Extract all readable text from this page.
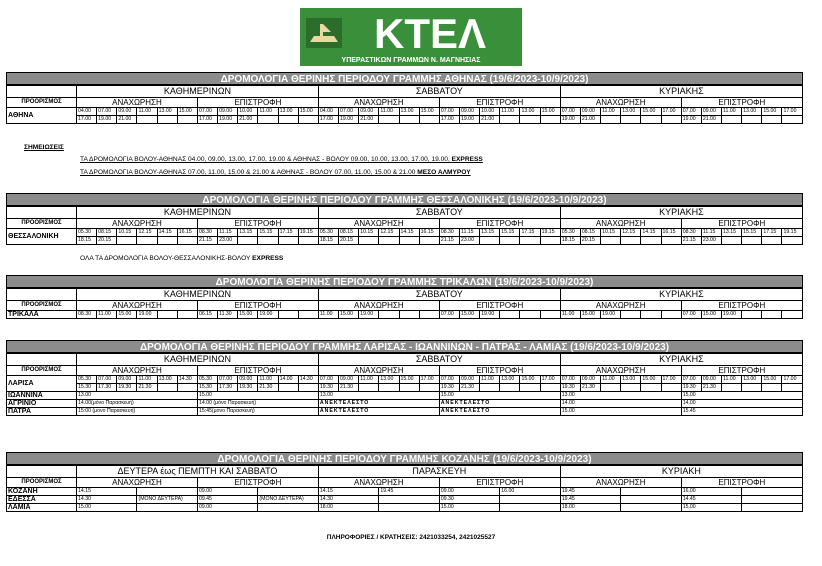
ΚΤΕΛ
ΥΠΕΡΑΣΤΙΚΩΝ ΓΡΑΜΜΩΝ Ν. ΜΑΓΝΗΣΙΑΣ
ΔΡΟΜΟΛΟΓΙΑ ΘΕΡΙΝΗΣ ΠΕΡΙΟΔΟΥ ΓΡΑΜΜΗΣ ΑΘΗΝΑΣ (19/6/2023-10/9/2023)
	ΚΑΘΗΜΕΡΙΝΩΝ												ΣΑΒΒΑΤΟΥ												ΚΥΡΙΑΚΗΣ											
ΠΡΟΟΡΙΣΜΟΣ	ΑΝΑΧΩΡΗΣΗ						ΕΠΙΣΤΡΟΦΗ						ΑΝΑΧΩΡΗΣΗ						ΕΠΙΣΤΡΟΦΗ						ΑΝΑΧΩΡΗΣΗ						ΕΠΙΣΤΡΟΦΗ					
ΑΘΗΝΑ	04.00	07.00	09.00	11.00	13.00	15.00	07.00	09.00	10.00	11.00	13.00	15.00	04.00	07.00	09.00	11.00	13.00	15.00	07.00	09.00	10.00	11.00	13.00	15.00	07.00	09.00	11.00	13.00	15.00	17.00	07.00	09.00	11.00	13.00	15.00	17.00
	17.00	19.00	21.00				17.00	19.00	21.00				17.00	19.00	21.00				17.00	19.00	21.00				19.00	21.00					19.00	21.00				
ΣΗΜΕΙΩΣΕΙΣ
ΤΑ ΔΡΟΜΟΛΟΓΙΑ ΒΟΛΟΥ-ΑΘΗΝΑΣ 04.00, 09.00, 13.00, 17.00, 19.00 & ΑΘΗΝΑΣ - ΒΟΛΟΥ 09.00, 10.00, 13.00, 17.00, 19.00, EXPRESS
ΤΑ ΔΡΟΜΟΛΟΓΙΑ ΒΟΛΟΥ-ΑΘΗΝΑΣ 07.00, 11.00, 15.00 & 21.00 & ΑΘΗΝΑΣ - ΒΟΛΟΥ 07.00, 11.00, 15.00 & 21.00 ΜΕΣΟ ΑΛΜΥΡΟΥ
ΔΡΟΜΟΛΟΓΙΑ ΘΕΡΙΝΗΣ ΠΕΡΙΟΔΟΥ ΓΡΑΜΜΗΣ ΘΕΣΣΑΛΟΝΙΚΗΣ (19/6/2023-10/9/2023)
	ΚΑΘΗΜΕΡΙΝΩΝ												ΣΑΒΒΑΤΟΥ												ΚΥΡΙΑΚΗΣ											
ΠΡΟΟΡΙΣΜΟΣ	ΑΝΑΧΩΡΗΣΗ						ΕΠΙΣΤΡΟΦΗ						ΑΝΑΧΩΡΗΣΗ						ΕΠΙΣΤΡΟΦΗ						ΑΝΑΧΩΡΗΣΗ						ΕΠΙΣΤΡΟΦΗ					
ΘΕΣΣΑΛΟΝΙΚΗ	05.30	08.15	10.15	12.15	14.15	16.15	08.30	11.15	13.15	15.15	17.15	19.15	05.30	08.15	10.15	12.15	14.15	16.15	08.30	11.15	13.15	15.15	17.15	19.15	05.30	08.15	10.15	12.15	14.15	16.15	08.30	11.15	13.15	15.15	17.15	19.15
	18.15	20.15					21.15	23.00					18.15	20.15					21.15	23.00					18.15	20.15					21.15	23.00				
ΟΛΑ ΤΑ ΔΡΟΜΟΛΟΓΙΑ ΒΟΛΟΥ-ΘΕΣΣΑΛΟΝΙΚΗΣ-ΒΟΛΟΥ EXPRESS
ΔΡΟΜΟΛΟΓΙΑ ΘΕΡΙΝΗΣ ΠΕΡΙΟΔΟΥ ΓΡΑΜΜΗΣ ΤΡΙΚΑΛΩΝ (19/6/2023-10/9/2023)
	ΚΑΘΗΜΕΡΙΝΩΝ												ΣΑΒΒΑΤΟΥ												ΚΥΡΙΑΚΗΣ											
ΠΡΟΟΡΙΣΜΟΣ	ΑΝΑΧΩΡΗΣΗ						ΕΠΙΣΤΡΟΦΗ						ΑΝΑΧΩΡΗΣΗ						ΕΠΙΣΤΡΟΦΗ						ΑΝΑΧΩΡΗΣΗ						ΕΠΙΣΤΡΟΦΗ					
ΤΡΙΚΑΛΑ	08.30	11.00	15.00	19.00			06.15	11.30	15.00	19.00			11.00	15.00	19.00				07.00	15.00	19.00				11.00	15.00	19.00				07.00	15.00	19.00			
ΔΡΟΜΟΛΟΓΙΑ ΘΕΡΙΝΗΣ ΠΕΡΙΟΔΟΥ ΓΡΑΜΜΗΣ ΛΑΡΙΣΑΣ - ΙΩΑΝΝΙΝΩΝ - ΠΑΤΡΑΣ - ΛΑΜΙΑΣ (19/6/2023-10/9/2023)
	ΚΑΘΗΜΕΡΙΝΩΝ												ΣΑΒΒΑΤΟΥ												ΚΥΡΙΑΚΗΣ											
ΠΡΟΟΡΙΣΜΟΣ	ΑΝΑΧΩΡΗΣΗ						ΕΠΙΣΤΡΟΦΗ						ΑΝΑΧΩΡΗΣΗ						ΕΠΙΣΤΡΟΦΗ						ΑΝΑΧΩΡΗΣΗ						ΕΠΙΣΤΡΟΦΗ					
ΛΑΡΙΣΑ	05.30	07.00	09.00	11.00	13.00	14.30	05.30	07.00	09.00	11.00	14.00	14.30	07.00	09.00	11.00	13.00	15.00	17.00	07.00	09.00	11.00	13.00	15.00	17.00	07.00	09.00	11.00	13.00	15.00	17.00	07.00	09.00	11.00	13.00	15.00	17.00
	15.30	17.30	19.30	21.30			15.30	17.30	19.30	21.30			19.30	21.30					19.30	21.30					19.30	21.30					19.30	21.30				
ΙΩΑΝΝΙΝΑ	13.00						15.00						13.00						15.00						13.00						15.00					
ΑΓΡΙΝΙΟ	14.00(μόνο Παρασκευή)						14.00 (μόνο Παρασκευή)						ΑΝΕΚΤΕΛΕΣΤΟ						ΑΝΕΚΤΕΛΕΣΤΟ						14.00						14.00					
ΠΑΤΡΑ	15:00 (μονο Παρασκευή)						15:45(μονο Παρασκευή)						ΑΝΕΚΤΕΛΕΣΤΟ						ΑΝΕΚΤΕΛΕΣΤΟ						15.00						15.45					
ΔΡΟΜΟΛΟΓΙΑ ΘΕΡΙΝΗΣ ΠΕΡΙΟΔΟΥ ΓΡΑΜΜΗΣ ΚΟΖΑΝΗΣ (19/6/2023-10/9/2023)
	ΔΕΥΤΕΡΑ έως ΠΕΜΠΤΗ ΚΑΙ ΣΑΒΒΑΤΟ				ΠΑΡΑΣΚΕΥΗ				ΚΥΡΙΑΚΗ			
ΠΡΟΟΡΙΣΜΟΣ	ΑΝΑΧΩΡΗΣΗ		ΕΠΙΣΤΡΟΦΗ		ΑΝΑΧΩΡΗΣΗ		ΕΠΙΣΤΡΟΦΗ		ΑΝΑΧΩΡΗΣΗ		ΕΠΙΣΤΡΟΦΗ	
ΚΟΖΑΝΗ	14.15		09.00		14.15	19.45	09.00	16.00	19.45		16.00	
ΕΔΕΣΣΑ	14.30	(ΜΟΝΟ ΔΕΥΤΕΡΑ)	09.45	(ΜΟΝΟ ΔΕΥΤΕΡΑ)	14.30		09.30		19.45		14.45	
ΛΑΜΙΑ	15.00		09.00		18.00		15.00		18.00		15.00	
ΠΛΗΡΟΦΟΡΙΕΣ / ΚΡΑΤΗΣΕΙΣ: 2421033254, 2421025527
